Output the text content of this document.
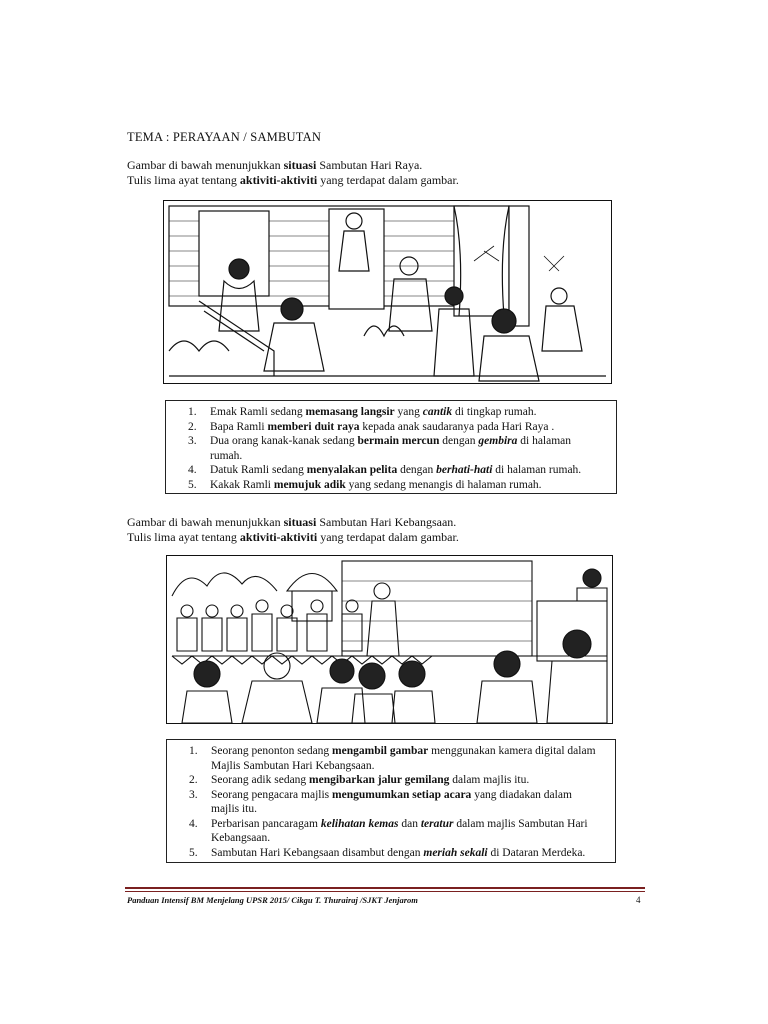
TEMA : PERAYAAN / SAMBUTAN
Gambar di bawah menunjukkan situasi Sambutan Hari Raya.
Tulis lima ayat tentang aktiviti-aktiviti yang terdapat dalam gambar.
1. Emak Ramli sedang memasang langsir yang cantik di tingkap rumah.
2. Bapa Ramli memberi duit raya kepada anak saudaranya pada Hari Raya .
3. Dua orang kanak-kanak sedang bermain mercun dengan gembira di halaman
rumah.
4. Datuk Ramli sedang menyalakan pelita dengan berhati-hati di halaman rumah.
5. Kakak Ramli memujuk adik yang sedang menangis di halaman rumah.
Gambar di bawah menunjukkan situasi Sambutan Hari Kebangsaan.
Tulis lima ayat tentang aktiviti-aktiviti yang terdapat dalam gambar.
1. Seorang penonton sedang mengambil gambar menggunakan kamera digital dalam
Majlis Sambutan Hari Kebangsaan.
2. Seorang adik sedang mengibarkan jalur gemilang dalam majlis itu.
3. Seorang pengacara majlis mengumumkan setiap acara yang diadakan dalam
majlis itu.
4. Perbarisan pancaragam kelihatan kemas dan teratur dalam majlis Sambutan Hari
Kebangsaan.
5. Sambutan Hari Kebangsaan disambut dengan meriah sekali di Dataran Merdeka.
Panduan Intensif BM Menjelang UPSR 2015/ Cikgu T. Thurairaj /SJKT Jenjarom	4
